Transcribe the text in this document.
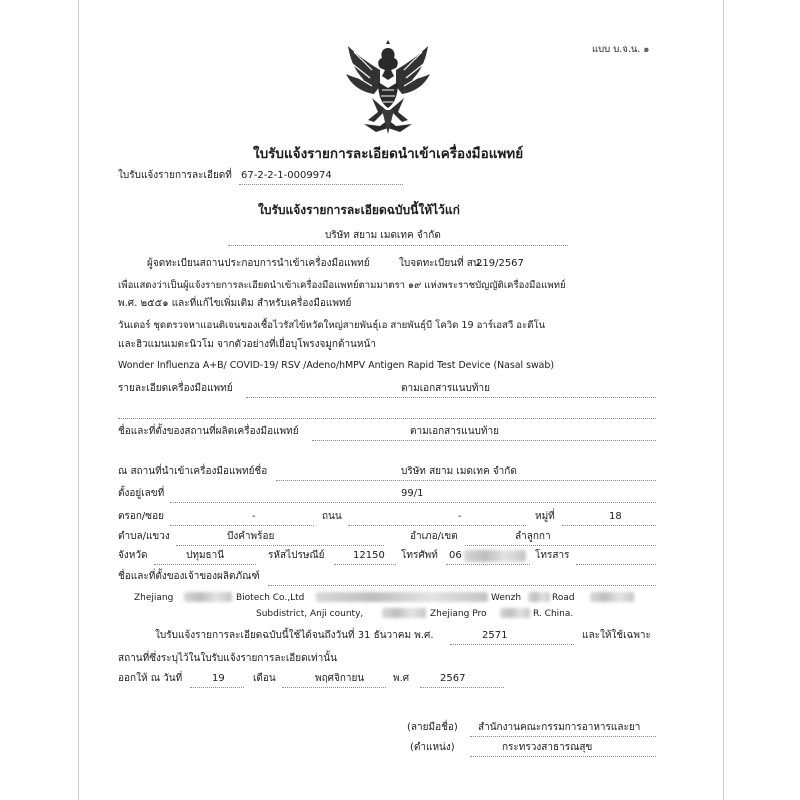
แบบ บ.จ.น. ๑
ใบรับแจ้งรายการละเอียดนำเข้าเครื่องมือแพทย์
ใบรับแจ้งรายการละเอียดที่ 67-2-2-1-0009974
ใบรับแจ้งรายการละเอียดฉบับนี้ให้ไว้แก่
บริษัท สยาม เมดเทค จำกัด
ผู้จดทะเบียนสถานประกอบการนำเข้าเครื่องมือแพทย์	ใบจดทะเบียนที่ สน.
219/2567
เพื่อแสดงว่าเป็นผู้แจ้งรายการละเอียดนำเข้าเครื่องมือแพทย์ตามมาตรา ๑๙ แห่งพระราชบัญญัติเครื่องมือแพทย์
พ.ศ. ๒๕๕๑ และที่แก้ไขเพิ่มเติม สำหรับเครื่องมือแพทย์
วันเดอร์ ชุดตรวจหาแอนติเจนของเชื้อไวรัสไข้หวัดใหญ่สายพันธุ์เอ สายพันธุ์บี โควิด 19 อาร์เอสวี อะดีโน
และฮิวแมนเมตะนิวโม จากตัวอย่างที่เยื่อบุโพรงจมูกด้านหน้า
Wonder Influenza A+B/ COVID-19/ RSV /Adeno/hMPV Antigen Rapid Test Device (Nasal swab)
รายละเอียดเครื่องมือแพทย์	ตามเอกสารแนบท้าย
ชื่อและที่ตั้งของสถานที่ผลิตเครื่องมือแพทย์	ตามเอกสารแนบท้าย
ณ สถานที่นำเข้าเครื่องมือแพทย์ชื่อ	บริษัท สยาม เมดเทค จำกัด
ตั้งอยู่เลขที่	99/1
ตรอก/ซอย	-	ถนน	-	หมู่ที่	18
ตำบล/แขวง	บึงคำพร้อย	อำเภอ/เขต	ลำลูกกา
จังหวัด	ปทุมธานี	รหัสไปรษณีย์	12150 โทรศัพท์ 06	โทรสาร
ชื่อและที่ตั้งของเจ้าของผลิตภัณฑ์
Zhejiang	Biotech Co.,Ltd	Wenzh	Road
Subdistrict, Anji county,	Zhejiang Pro	R. China.
ใบรับแจ้งรายการละเอียดฉบับนี้ใช้ได้จนถึงวันที่ 31 ธันวาคม พ.ศ.	2571	และให้ใช้เฉพาะ
สถานที่ซึ่งระบุไว้ในใบรับแจ้งรายการละเอียดเท่านั้น
ออกให้ ณ วันที่	19	เดือน	พฤศจิกายน	พ.ศ	2567
(ลายมือชื่อ) สำนักงานคณะกรรมการอาหารและยา
(ตำแหน่ง)	กระทรวงสาธารณสุข
